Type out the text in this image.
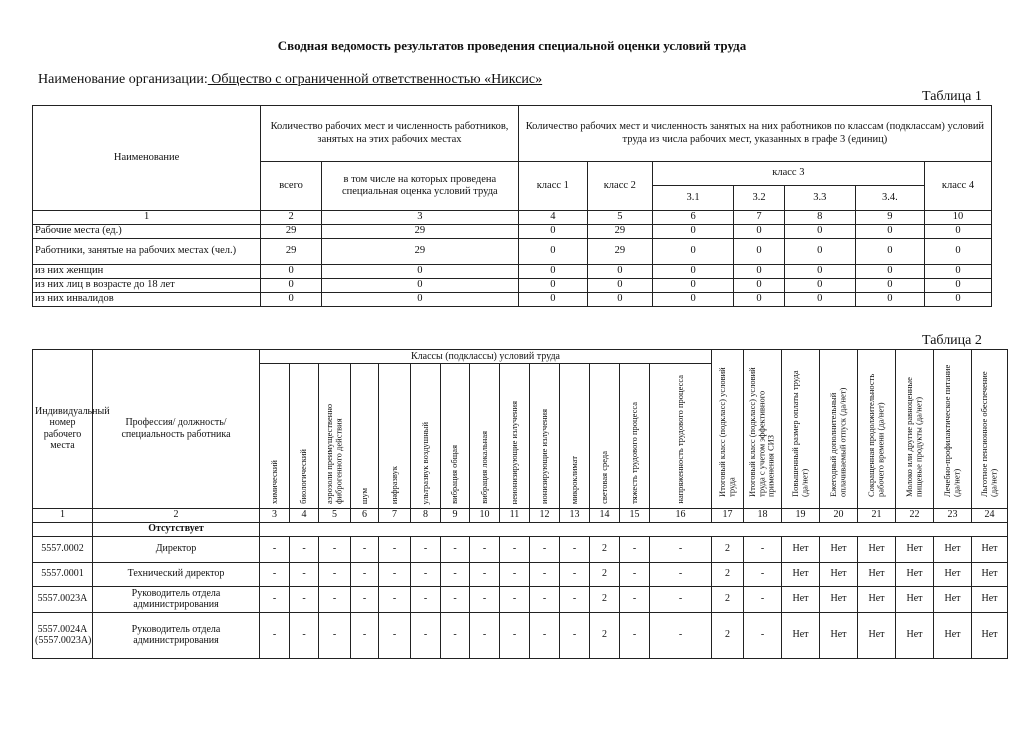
Сводная ведомость результатов проведения специальной оценки условий труда
Наименование организации: Общество с ограниченной ответственностью «Никсис»
Таблица 1
Наименование	Количество рабочих мест и численность работников, занятых на этих рабочих местах		Количество рабочих мест и численность занятых на них работников по классам (подклассам) условий труда из числа рабочих мест, указанных в графе 3 (единиц)						
	всего	в том числе на которых проведена специальная оценка условий труда	класс 1	класс 2	класс 3				класс 4
					3.1	3.2	3.3	3.4.	
1	2	3	4	5	6	7	8	9	10
Рабочие места (ед.)	29	29	0	29	0	0	0	0	0
Работники, занятые на рабочих местах (чел.)	29	29	0	29	0	0	0	0	0
из них женщин	0	0	0	0	0	0	0	0	0
из них лиц в возрасте до 18 лет	0	0	0	0	0	0	0	0	0
из них инвалидов	0	0	0	0	0	0	0	0	0
Таблица 2
Индивидуальный номер рабочего места	Профессия/ должность/ специальность работника	Классы (подклассы) условий труда														Итоговый класс (подкласс) условий труда	Итоговый класс (подкласс) условий труда с учетом эффективного применения СИЗ	Повышенный размер оплаты труда (да/нет)	Ежегодный дополнительный оплачиваемый отпуск (да/нет)	Сокращенная продолжительность рабочего времени (да/нет)	Молоко или другие равноценные пищевые продукты (да/нет)	Лечебно-профилактическое питание (да/нет)	Льготное пенсионное обеспечение (да/нет)
		химический	биологический	аэрозоли преимущественно фиброгенного действия	шум	инфразвук	ультразвук воздушный	вибрация общая	вибрация локальная	неионизирующие излучения	ионизирующие излучения	микроклимат	световая среда	тяжесть трудового процесса	напряженность трудового процесса								
1	2	3	4	5	6	7	8	9	10	11	12	13	14	15	16	17	18	19	20	21	22	23	24
	Отсутствует																						
5557.0002	Директор	-	-	-	-	-	-	-	-	-	-	-	2	-	-	2	-	Нет	Нет	Нет	Нет	Нет	Нет
5557.0001	Технический директор	-	-	-	-	-	-	-	-	-	-	-	2	-	-	2	-	Нет	Нет	Нет	Нет	Нет	Нет
5557.0023А	Руководитель отдела администрирования	-	-	-	-	-	-	-	-	-	-	-	2	-	-	2	-	Нет	Нет	Нет	Нет	Нет	Нет
5557.0024А (5557.0023А)	Руководитель отдела администрирования	-	-	-	-	-	-	-	-	-	-	-	2	-	-	2	-	Нет	Нет	Нет	Нет	Нет	Нет
